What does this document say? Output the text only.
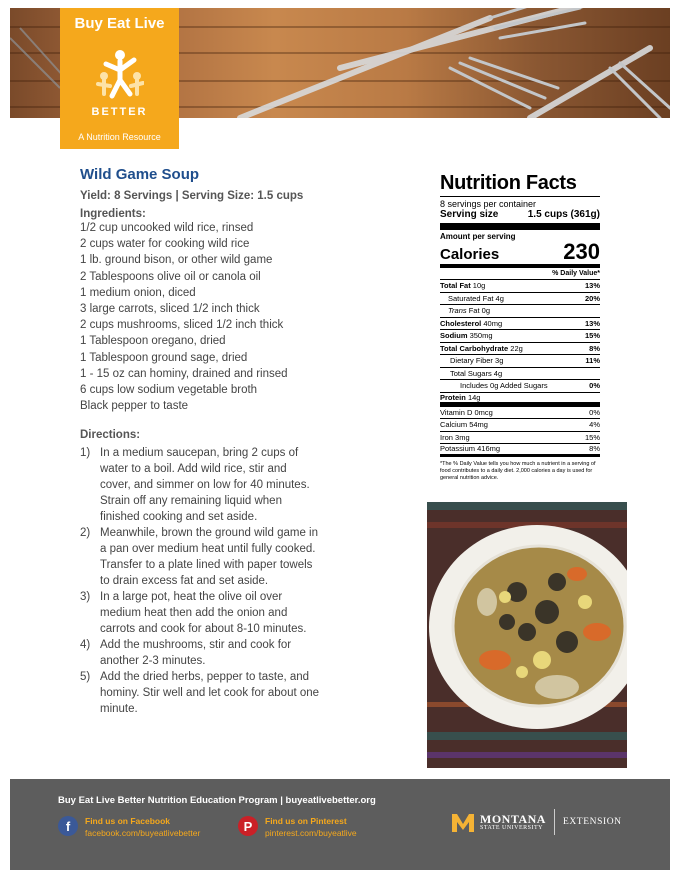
Buy Eat Live
BETTER
A Nutrition Resource
Wild Game Soup
Yield: 8 Servings | Serving Size: 1.5 cups
Ingredients:
1/2 cup uncooked wild rice, rinsed
2 cups water for cooking wild rice
1 lb. ground bison, or other wild game
2 Tablespoons olive oil or canola oil
1 medium onion, diced
3 large carrots, sliced 1/2 inch thick
2 cups mushrooms, sliced 1/2 inch thick
1 Tablespoon oregano, dried
1 Tablespoon ground sage, dried
1 - 15 oz can hominy, drained and rinsed
6 cups low sodium vegetable broth
Black pepper to taste
Directions:
1) In a medium saucepan, bring 2 cups of water to a boil. Add wild rice, stir and cover, and simmer on low for 40 minutes. Strain off any remaining liquid when finished cooking and set aside.
2) Meanwhile, brown the ground wild game in a pan over medium heat until fully cooked. Transfer to a plate lined with paper towels to drain excess fat and set aside.
3) In a large pot, heat the olive oil over medium heat then add the onion and carrots and cook for about 8-10 minutes.
4) Add the mushrooms, stir and cook for another 2-3 minutes.
5) Add the dried herbs, pepper to taste, and hominy. Stir well and let cook for about one minute.
Nutrition Facts
8 servings per container
Serving size	1.5 cups (361g)
Amount per serving
Calories	230
% Daily Value*
Total Fat 10g	13%
Saturated Fat 4g	20%
Trans Fat 0g
Cholesterol 40mg	13%
Sodium 350mg	15%
Total Carbohydrate 22g	8%
Dietary Fiber 3g	11%
Total Sugars 4g
Includes 0g Added Sugars	0%
Protein 14g
Vitamin D 0mcg	0%
Calcium 54mg	4%
Iron 3mg	15%
Potassium 416mg	8%
*The % Daily Value tells you how much a nutrient in a serving of food contributes to a daily diet. 2,000 calories a day is used for general nutrition advice.
Buy Eat Live Better Nutrition Education Program | buyeatlivebetter.org
f	Find us on Facebook
facebook.com/buyeatlivebetter	P	Find us on Pinterest
pinterest.com/buyeatlive
MONTANA
STATE UNIVERSITY
EXTENSION
